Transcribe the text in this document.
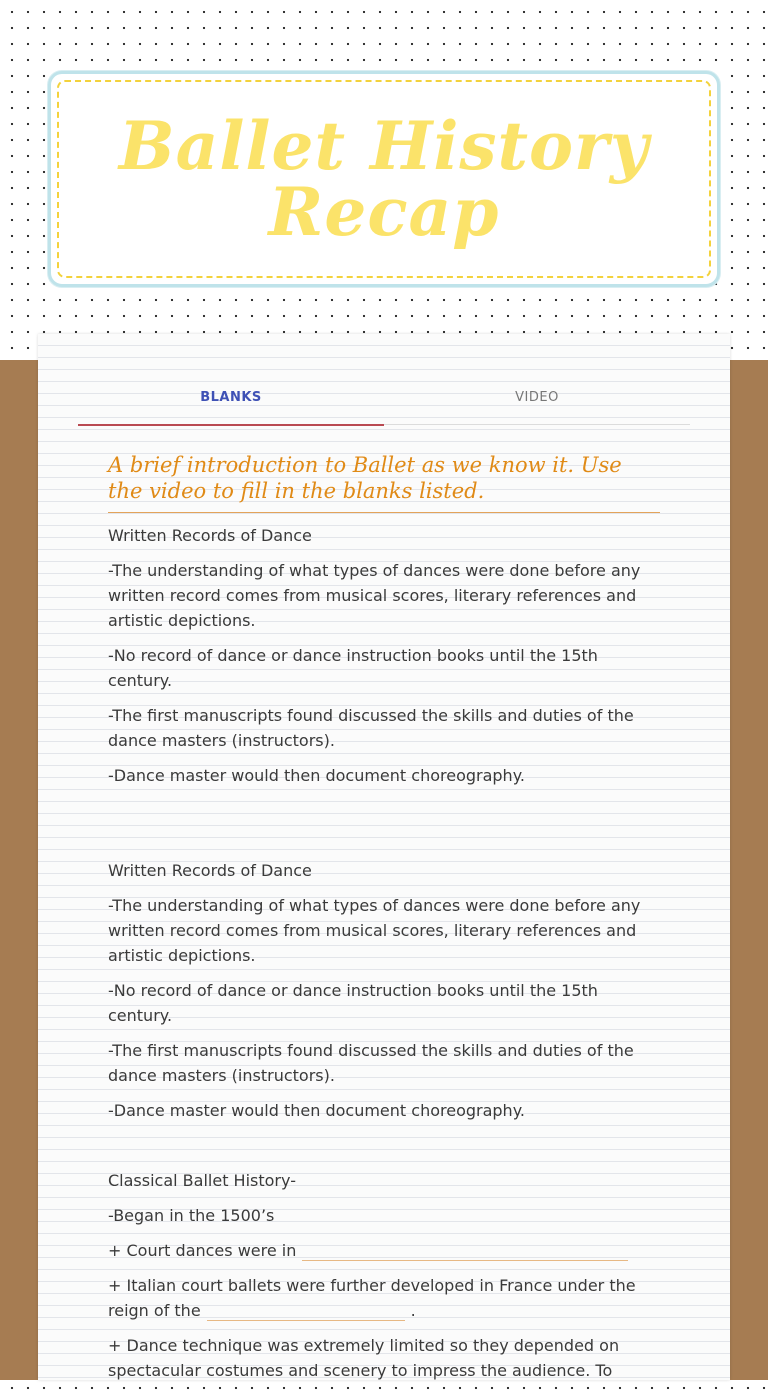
Ballet History
Recap
BLANKS	VIDEO
A brief introduction to Ballet as we know it. Use the video to fill in the blanks listed.

Written Records of Dance

-The understanding of what types of dances were done before any written record comes from musical scores, literary references and artistic depictions.

-No record of dance or dance instruction books until the 15th century.

-The first manuscripts found discussed the skills and duties of the dance masters (instructors).

-Dance master would then document choreography.

Written Records of Dance

-The understanding of what types of dances were done before any written record comes from musical scores, literary references and artistic depictions.

-No record of dance or dance instruction books until the 15th century.

-The first manuscripts found discussed the skills and duties of the dance masters (instructors).

-Dance master would then document choreography.

Classical Ballet History-

-Began in the 1500’s

+ Court dances were in

+ Italian court ballets were further developed in France under the reign of the	.

+ Dance technique was extremely limited so they depended on spectacular costumes and scenery to impress the audience. To
